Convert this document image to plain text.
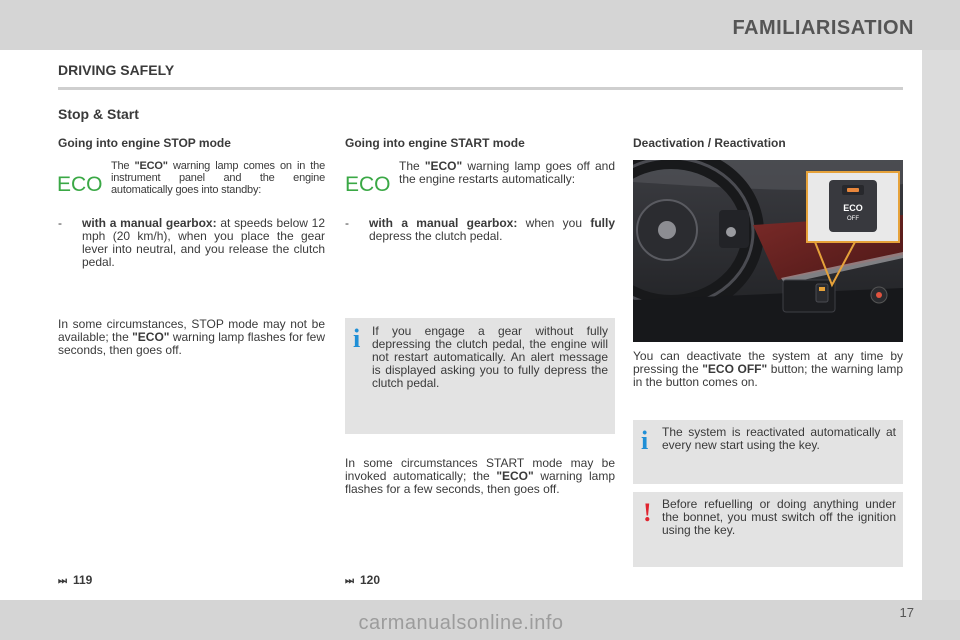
FAMILIARISATION
17
carmanualsonline.info
DRIVING SAFELY
Stop & Start
Going into engine STOP mode
ECO
The "ECO" warning lamp comes on in the instrument panel and the engine automatically goes into standby:
- with a manual gearbox: at speeds below 12 mph (20 km/h), when you place the gear lever into neutral, and you release the clutch pedal.
In some circumstances, STOP mode may not be available; the "ECO" warning lamp flashes for few seconds, then goes off.
⏭ 119
Going into engine START mode
ECO
The "ECO" warning lamp goes off and the engine restarts automatically:
- with a manual gearbox: when you fully depress the clutch pedal.
i If you engage a gear without fully depressing the clutch pedal, the engine will not restart automatically. An alert message is displayed asking you to fully depress the clutch pedal.
In some circumstances START mode may be invoked automatically; the "ECO" warning lamp flashes for a few seconds, then goes off.
⏭ 120
Deactivation / Reactivation
ECO
OFF
You can deactivate the system at any time by pressing the "ECO OFF" button; the warning lamp in the button comes on.
i The system is reactivated automatically at every new start using the key.
! Before refuelling or doing anything under the bonnet, you must switch off the ignition using the key.
